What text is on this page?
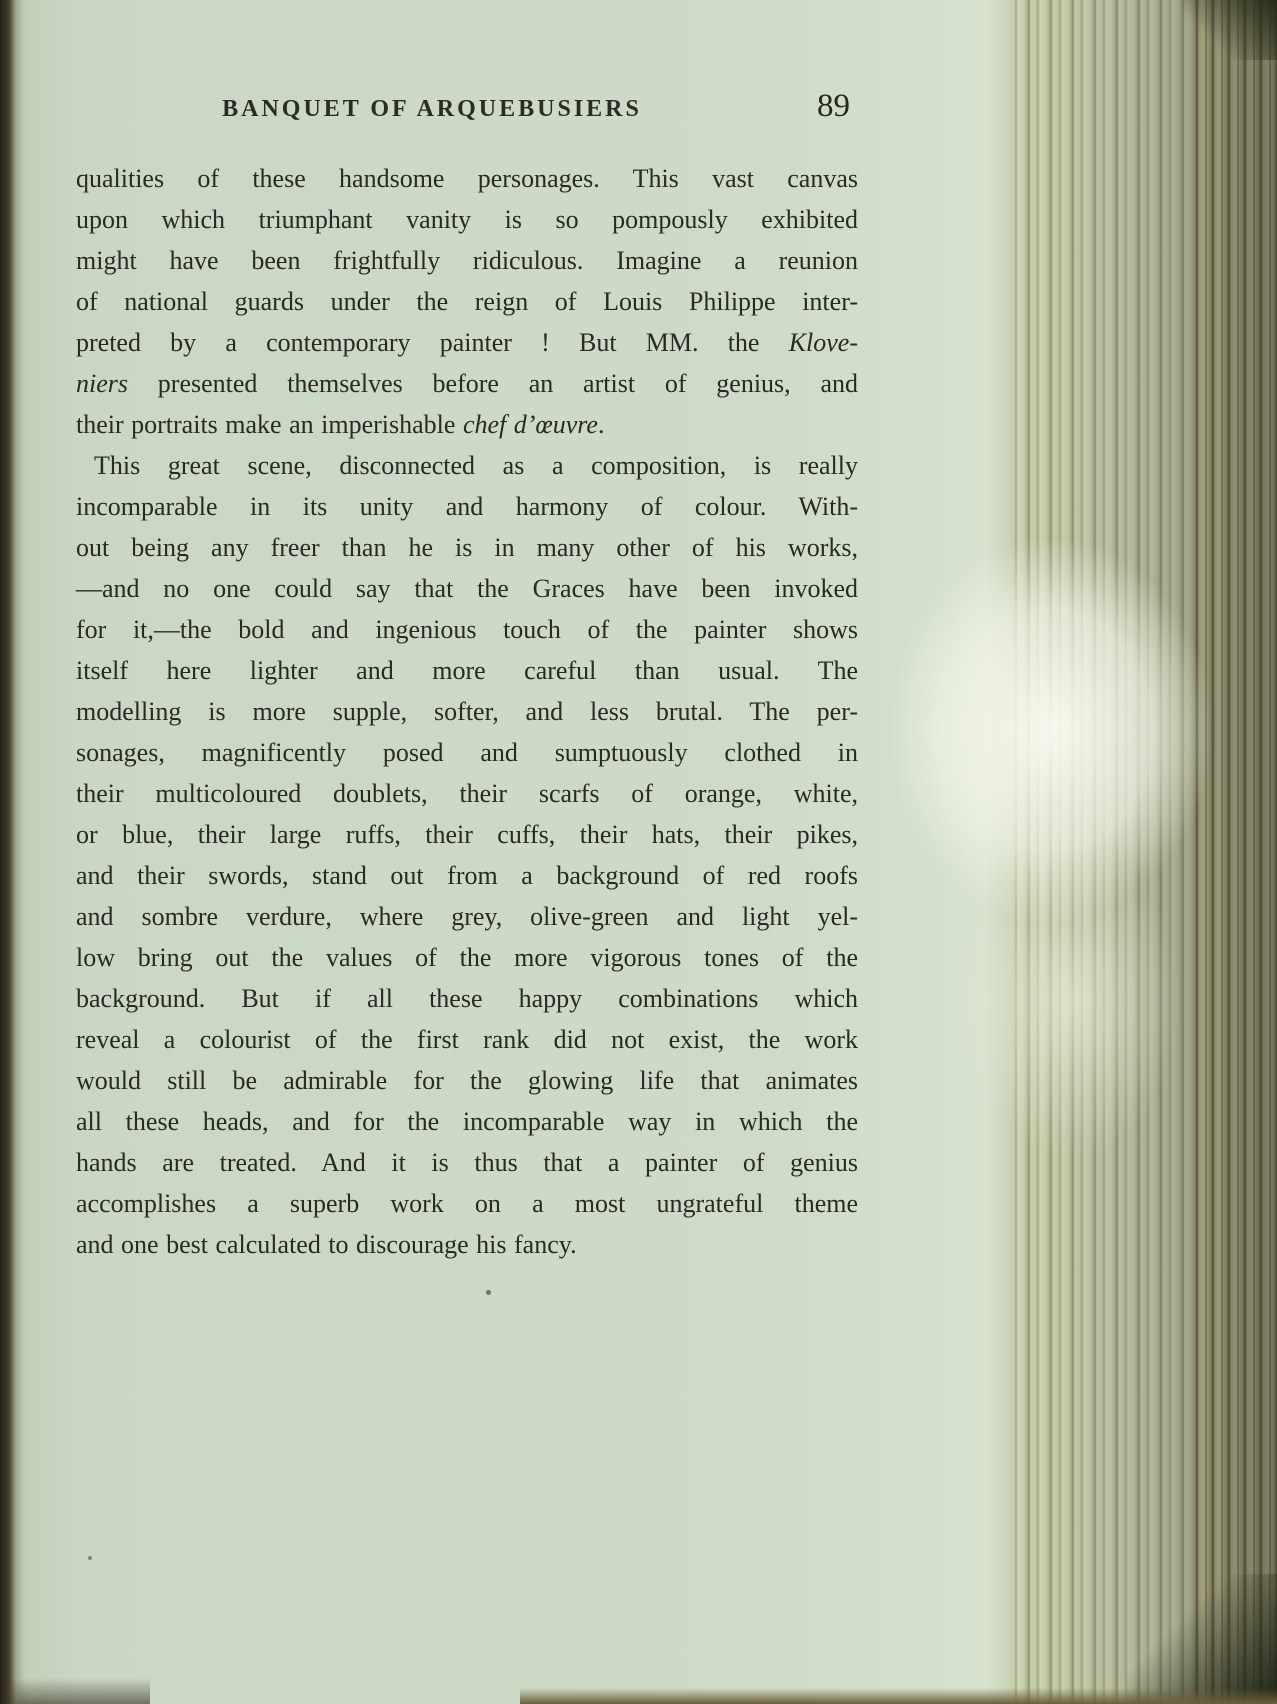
BANQUET OF ARQUEBUSIERS	89
qualities of these handsome personages. This vast canvas
upon which triumphant vanity is so pompously exhibited
might have been frightfully ridiculous. Imagine a reunion
of national guards under the reign of Louis Philippe inter-
preted by a contemporary painter ! But MM. the Klove-
niers presented themselves before an artist of genius, and
their portraits make an imperishable chef d’œuvre.
This great scene, disconnected as a composition, is really
incomparable in its unity and harmony of colour. With-
out being any freer than he is in many other of his works,
—and no one could say that the Graces have been invoked
for it,—the bold and ingenious touch of the painter shows
itself here lighter and more careful than usual. The
modelling is more supple, softer, and less brutal. The per-
sonages, magnificently posed and sumptuously clothed in
their multicoloured doublets, their scarfs of orange, white,
or blue, their large ruffs, their cuffs, their hats, their pikes,
and their swords, stand out from a background of red roofs
and sombre verdure, where grey, olive-green and light yel-
low bring out the values of the more vigorous tones of the
background. But if all these happy combinations which
reveal a colourist of the first rank did not exist, the work
would still be admirable for the glowing life that animates
all these heads, and for the incomparable way in which the
hands are treated. And it is thus that a painter of genius
accomplishes a superb work on a most ungrateful theme
and one best calculated to discourage his fancy.
